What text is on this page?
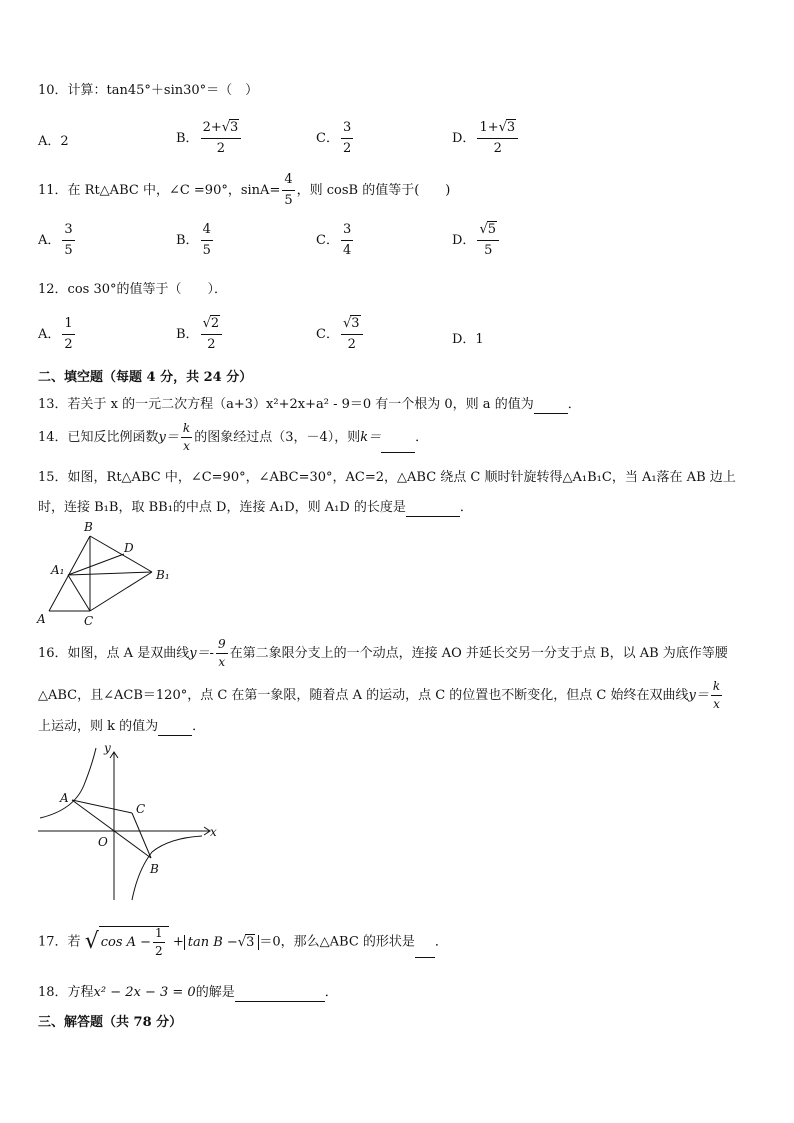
10．计算：tan45°＋sin30°＝（　）
A．2	B． $\frac{2+√3}{2}$	C． $\frac{3}{2}$	D． $\frac{1+√3}{2}$
11．在 Rt△ABC 中，∠C =90°，$\sin A= \frac{4}{5}$ ，则 cosB 的值等于(　　)
A． $\frac{3}{5}$	B． $\frac{4}{5}$	C． $\frac{3}{4}$	D． $\frac{√5}{5}$
12．cos 30°的值等于（　　）．
A． $\frac{1}{2}$	B． $\frac{√2}{2}$	C． $\frac{√3}{2}$	D．1
二、填空题（每题 4 分，共 24 分）
13．若关于 x 的一元二次方程（a+3）x²+2x+a² - 9＝0 有一个根为 0，则 a 的值为	．
14．已知反比例函数$y= \frac{k}{x}$ 的图象经过点（3，－4），则k＝	．
15．如图，Rt△ABC 中，∠C=90°，∠ABC=30°，AC=2，△ABC 绕点 C 顺时针旋转得△A₁B₁C，当 A₁落在 AB 边上
时，连接 B₁B，取 BB₁的中点 D，连接 A₁D，则 A₁D 的长度是	．
B
D
A₁	B₁
A	C
16．如图，点 A 是双曲线$y=- \frac{9}{x}$ 在第二象限分支上的一个动点，连接 AO 并延长交另一分支于点 B，以 AB 为底作等腰
△ABC，且∠ACB＝120°，点 C 在第一象限，随着点 A 的运动，点 C 的位置也不断变化，但点 C 始终在双曲线$y= \frac{k}{x}$
上运动，则 k 的值为	．
y
x
A
C
O
B
17．若 √ $\cos A - \frac{1}{2} + \tan B -√3 =0$，那么△ABC 的形状是 ．
18．方程x² − 2x − 3 = 0的解是	．
三、解答题（共 78 分）
